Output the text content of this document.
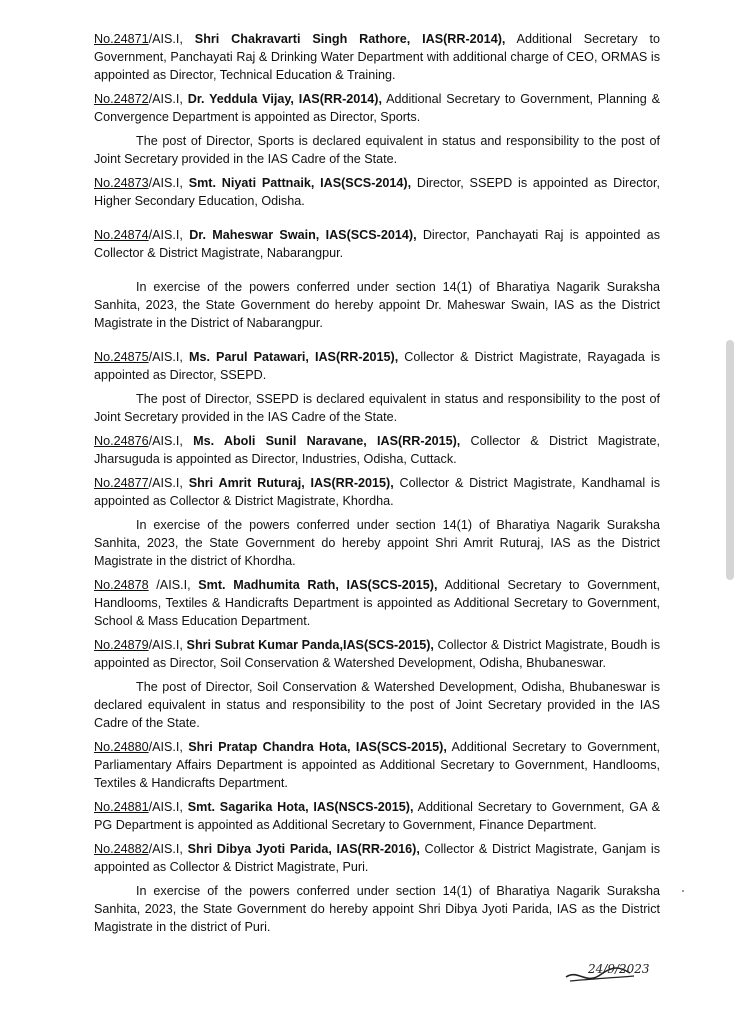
No.24871/AIS.I, Shri Chakravarti Singh Rathore, IAS(RR-2014), Additional Secretary to Government, Panchayati Raj & Drinking Water Department with additional charge of CEO, ORMAS is appointed as Director, Technical Education & Training.

No.24872/AIS.I, Dr. Yeddula Vijay, IAS(RR-2014), Additional Secretary to Government, Planning & Convergence Department is appointed as Director, Sports.

The post of Director, Sports is declared equivalent in status and responsibility to the post of Joint Secretary provided in the IAS Cadre of the State.

No.24873/AIS.I, Smt. Niyati Pattnaik, IAS(SCS-2014), Director, SSEPD is appointed as Director, Higher Secondary Education, Odisha.

No.24874/AIS.I, Dr. Maheswar Swain, IAS(SCS-2014), Director, Panchayati Raj is appointed as Collector & District Magistrate, Nabarangpur.

In exercise of the powers conferred under section 14(1) of Bharatiya Nagarik Suraksha Sanhita, 2023, the State Government do hereby appoint Dr. Maheswar Swain, IAS as the District Magistrate in the District of Nabarangpur.

No.24875/AIS.I, Ms. Parul Patawari, IAS(RR-2015), Collector & District Magistrate, Rayagada is appointed as Director, SSEPD.

The post of Director, SSEPD is declared equivalent in status and responsibility to the post of Joint Secretary provided in the IAS Cadre of the State.

No.24876/AIS.I, Ms. Aboli Sunil Naravane, IAS(RR-2015), Collector & District Magistrate, Jharsuguda is appointed as Director, Industries, Odisha, Cuttack.

No.24877/AIS.I, Shri Amrit Ruturaj, IAS(RR-2015), Collector & District Magistrate, Kandhamal is appointed as Collector & District Magistrate, Khordha.

In exercise of the powers conferred under section 14(1) of Bharatiya Nagarik Suraksha Sanhita, 2023, the State Government do hereby appoint Shri Amrit Ruturaj, IAS as the District Magistrate in the district of Khordha.

No.24878 /AIS.I, Smt. Madhumita Rath, IAS(SCS-2015), Additional Secretary to Government, Handlooms, Textiles & Handicrafts Department is appointed as Additional Secretary to Government, School & Mass Education Department.

No.24879/AIS.I, Shri Subrat Kumar Panda,IAS(SCS-2015), Collector & District Magistrate, Boudh is appointed as Director, Soil Conservation & Watershed Development, Odisha, Bhubaneswar.

The post of Director, Soil Conservation & Watershed Development, Odisha, Bhubaneswar is declared equivalent in status and responsibility to the post of Joint Secretary provided in the IAS Cadre of the State.

No.24880/AIS.I, Shri Pratap Chandra Hota, IAS(SCS-2015), Additional Secretary to Government, Parliamentary Affairs Department is appointed as Additional Secretary to Government, Handlooms, Textiles & Handicrafts Department.

No.24881/AIS.I, Smt. Sagarika Hota, IAS(NSCS-2015), Additional Secretary to Government, GA & PG Department is appointed as Additional Secretary to Government, Finance Department.

No.24882/AIS.I, Shri Dibya Jyoti Parida, IAS(RR-2016), Collector & District Magistrate, Ganjam is appointed as Collector & District Magistrate, Puri.

In exercise of the powers conferred under section 14(1) of Bharatiya Nagarik Suraksha Sanhita, 2023, the State Government do hereby appoint Shri Dibya Jyoti Parida, IAS as the District Magistrate in the district of Puri.

24/9/2023
